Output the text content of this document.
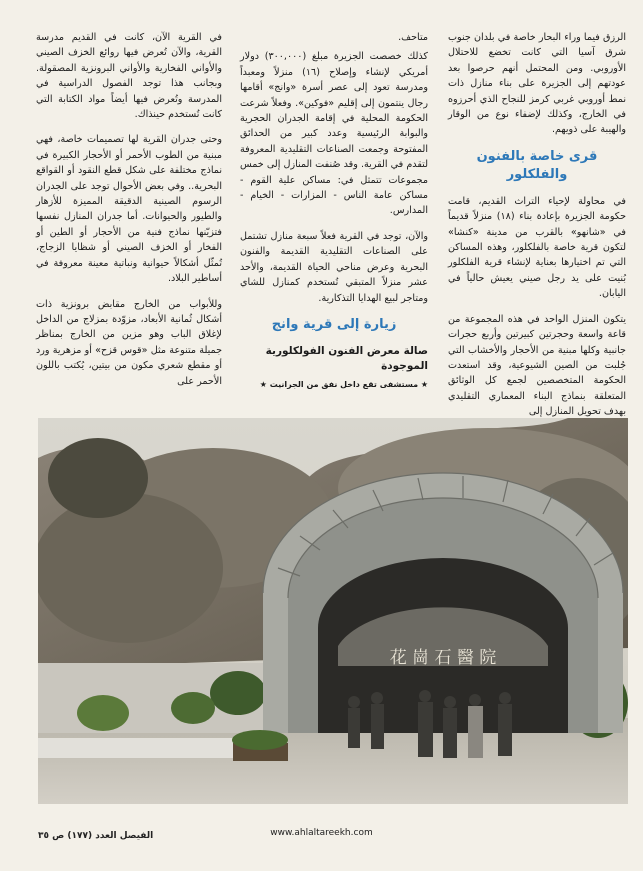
الرزق فيما وراء البحار خاصة في بلدان جنوب شرق آسيا التي كانت تخضع للاحتلال الأوروبي. ومن المحتمل أنهم حرصوا بعد عودتهم إلى الجزيرة على بناء منازل ذات نمط أوروبي غربي كرمز للنجاح الذي أحرزوه في الخارج، وكذلك لإضفاء نوع من الوقار والهيبة على ذويهم.

قرى خاصة بالفنون والفلكلور

في محاولة لإحياء التراث القديم، قامت حكومة الجزيرة بإعادة بناء (١٨) منزلاً قديماً في «شانهو» بالقرب من مدينة «كنشا» لتكون قرية خاصة بالفلكلور، وهذه المساكن التي تم اختيارها بعناية لإنشاء قرية الفلكلور بُنيت على يد رجل صيني يعيش حالياً في اليابان.

يتكون المنزل الواحد في هذه المجموعة من قاعة واسعة وحجرتين كبيرتين وأربع حجرات جانبية وكلها مبنية من الأحجار والأخشاب التي جُلبت من الصين الشيوعية، وقد استعدت الحكومة المتخصصين لجمع كل الوثائق المتعلقة بنماذج البناء المعماري التقليدي بهدف تحويل المنازل إلى

متاحف.

كذلك خصصت الجزيرة مبلغ (٣٠٠,٠٠٠) دولار أمريكي لإنشاء وإصلاح (١٦) منزلاً ومعبداً ومدرسة تعود إلى عصر أسرة «وانج» أقامها رجال ينتمون إلى إقليم «فوكين». وفعلاً شرعت الحكومة المحلية في إقامة الجدران الحجرية والبوابة الرئيسية وعدد كبير من الحدائق المفتوحة وجمعت الصناعات التقليدية المعروفة لتقدم في القرية. وقد صُنفت المنازل إلى خمس مجموعات تتمثل في: مساكن علية القوم - مساكن عامة الناس - المزارات - الخيام - المدارس.

والآن، توجد في القرية فعلاً سبعة منازل تشتمل على الصناعات التقليدية القديمة والفنون البحرية وعرض مناحي الحياة القديمة، والأحد عشر منزلاً المتبقي تُستخدم كمنازل للشاي ومتاجر لبيع الهدايا التذكارية.

زيارة إلى قرية وانج
صالة معرض الفنون الفولكلورية الموجودة
★ مستشفى تقع داخل نفق من الجرانيت ★

في القرية الآن، كانت في القديم مدرسة القرية، والآن تُعرض فيها روائع الخزف الصيني والأواني الفخارية والأواني البرونزية المصقولة. وبجانب هذا توجد الفصول الدراسية في المدرسة وتُعرض فيها أيضاً مواد الكتابة التي كانت تُستخدم حينذاك.

وحتى جدران القرية لها تصميمات خاصة، فهي مبنية من الطوب الأحمر أو الأحجار الكبيرة في نماذج مختلفة على شكل قطع النقود أو القواقع البحرية.. وفي بعض الأحوال توجد على الجدران الرسوم الصينية الدقيقة المميزة للأزهار والطيور والحيوانات. أما جدران المنازل نفسها فتزيّنها نماذج فنية من الأحجار أو الطين أو الفخار أو الخزف الصيني أو شظايا الزجاج، تُمثّل أشكالاً حيوانية ونباتية معينة معروفة في أساطير البلاد.

وللأبواب من الخارج مقابض برونزية ذات أشكال ثُمانية الأبعاد، مزوّدة بمزلاج من الداخل لإغلاق الباب وهو مزين من الخارج بمناظر جميلة متنوعة مثل «قوس قزح» أو مزهرية ورد أو مقطع شعري مكون من بيتين، يُكتب باللون الأحمر على

花 崗 石 醫 院
www.ahlaltareekh.com
الفيصل العدد (١٧٧) ص ٣٥
